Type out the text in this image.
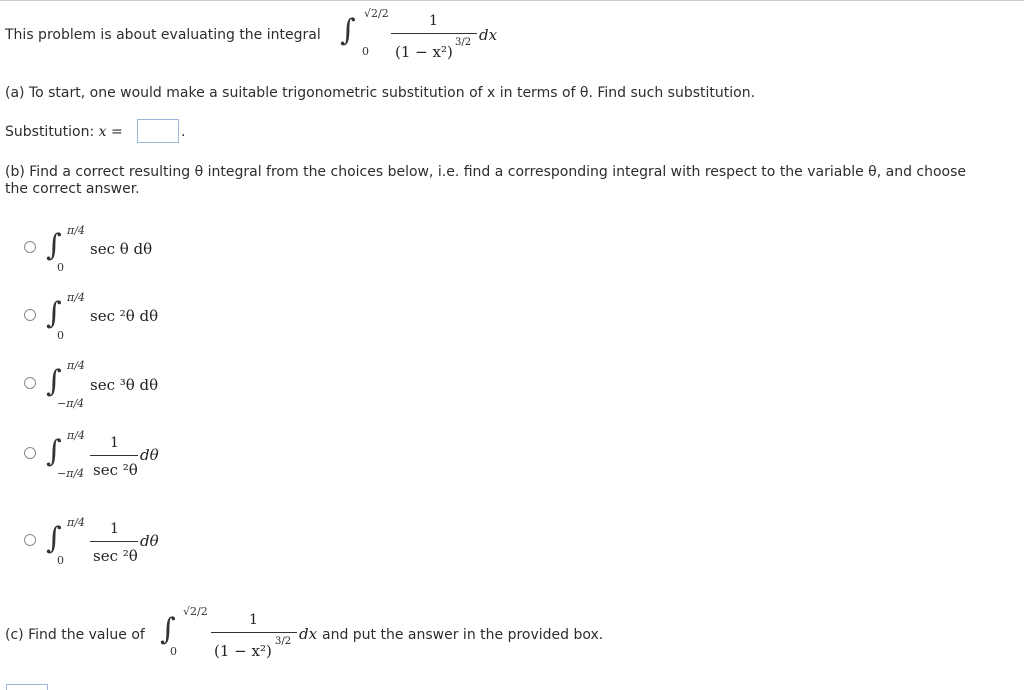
This problem is about evaluating the integral ∫ √2/2
0
1
(1 − x²)
3/2 dx
(a) To start, one would make a suitable trigonometric substitution of x in terms of θ. Find such substitution.
Substitution: x =	.
(b) Find a correct resulting θ integral from the choices below, i.e. find a corresponding integral with respect to the variable θ, and choose
the correct answer.
∫ π/4
0
sec θ dθ
∫ π/4
0
sec ²θ dθ
∫ π/4
−π/4
sec ³θ dθ
∫ π/4
−π/4
1
sec ²θ
dθ
∫ π/4
0
1
sec ²θ
dθ
(c) Find the value of ∫
√2/2
0
1
(1 − x²)
3/2 dx and put the answer in the provided box.
